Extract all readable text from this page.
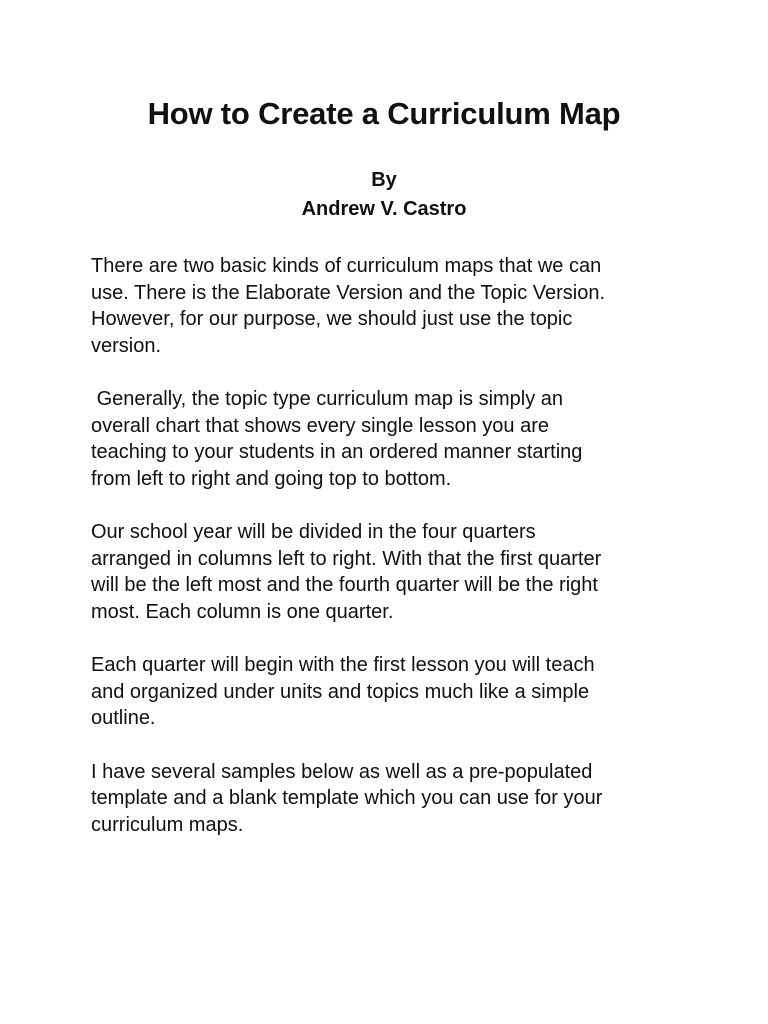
How to Create a Curriculum Map
By
Andrew V. Castro

There are two basic kinds of curriculum maps that we can
use. There is the Elaborate Version and the Topic Version.
However, for our purpose, we should just use the topic
version.

Generally, the topic type curriculum map is simply an
overall chart that shows every single lesson you are
teaching to your students in an ordered manner starting
from left to right and going top to bottom.

Our school year will be divided in the four quarters
arranged in columns left to right. With that the first quarter
will be the left most and the fourth quarter will be the right
most. Each column is one quarter.

Each quarter will begin with the first lesson you will teach
and organized under units and topics much like a simple
outline.

I have several samples below as well as a pre-populated
template and a blank template which you can use for your
curriculum maps.
